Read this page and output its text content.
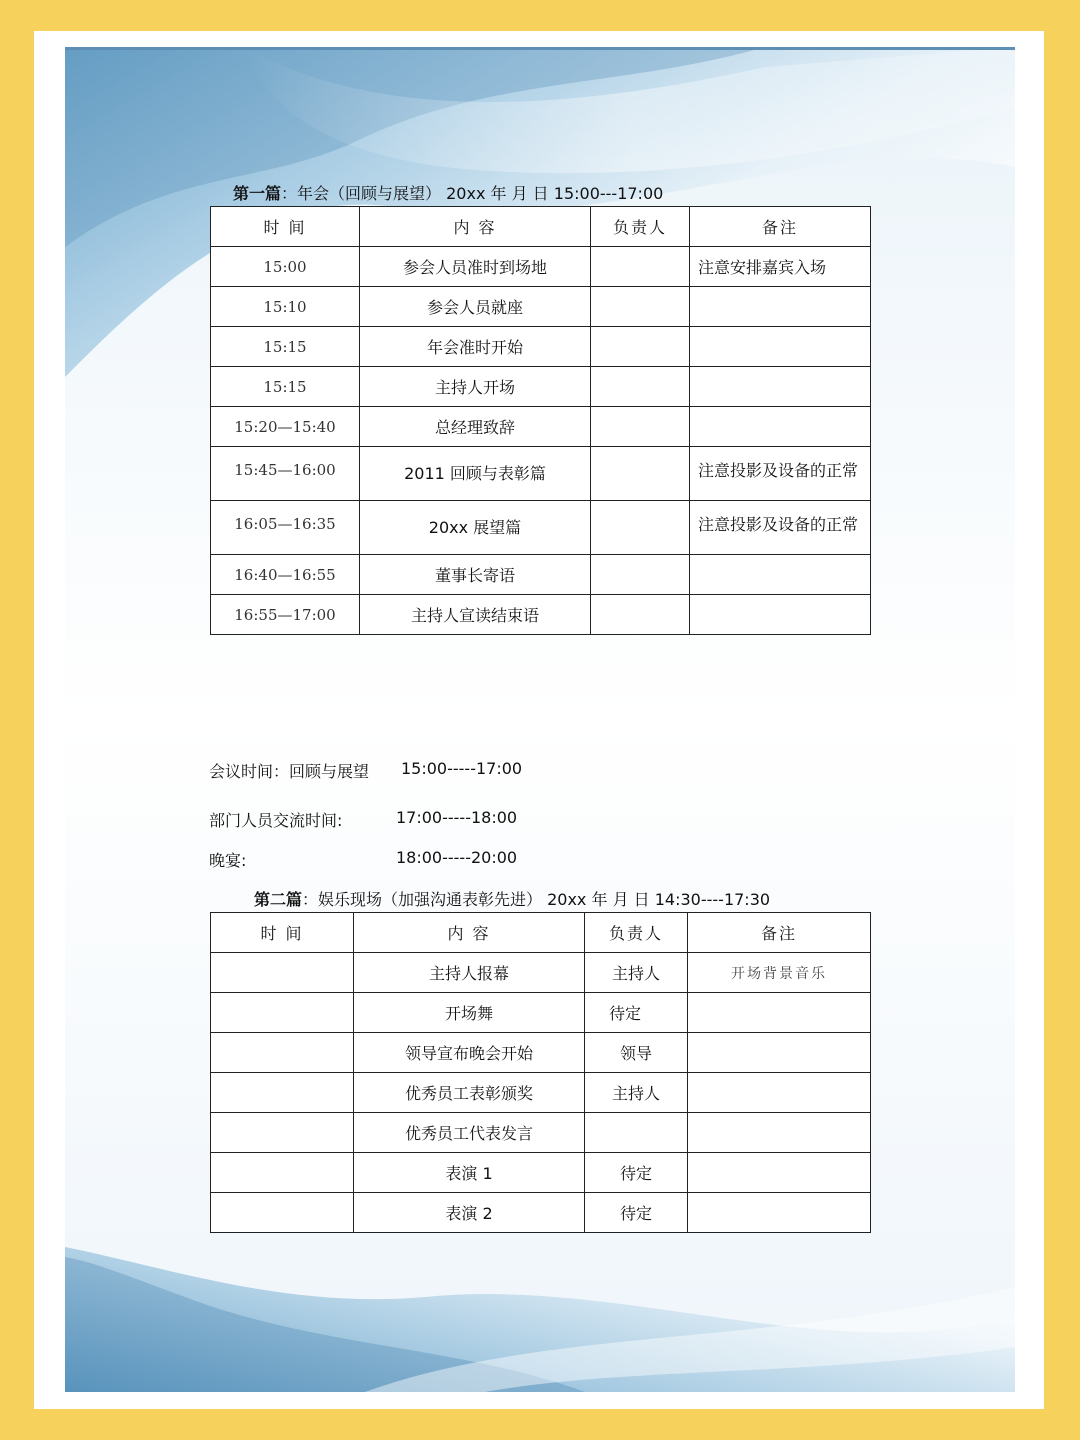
第一篇：年会（回顾与展望） 20xx 年 月 日 15:00---17:00
时 间	内 容	负责人	备注
15:00	参会人员准时到场地		注意安排嘉宾入场
15:10	参会人员就座		
15:15	年会准时开始		
15:15	主持人开场		
15:20—15:40	总经理致辞		
15:45—16:00	2011 回顾与表彰篇		注意投影及设备的正常
16:05—16:35	20xx 展望篇		注意投影及设备的正常
16:40—16:55	董事长寄语		
16:55—17:00	主持人宣读结束语		
会议时间：回顾与展望 15:00-----17:00
部门人员交流时间:	17:00-----18:00
晚宴:	18:00-----20:00
第二篇：娱乐现场（加强沟通表彰先进） 20xx 年 月 日 14:30----17:30
时 间	内 容	负责人	备注
	主持人报幕	主持人	开场背景音乐
	开场舞	待定	
	领导宣布晚会开始	领导	
	优秀员工表彰颁奖	主持人	
	优秀员工代表发言		
	表演 1	待定	
	表演 2	待定	
